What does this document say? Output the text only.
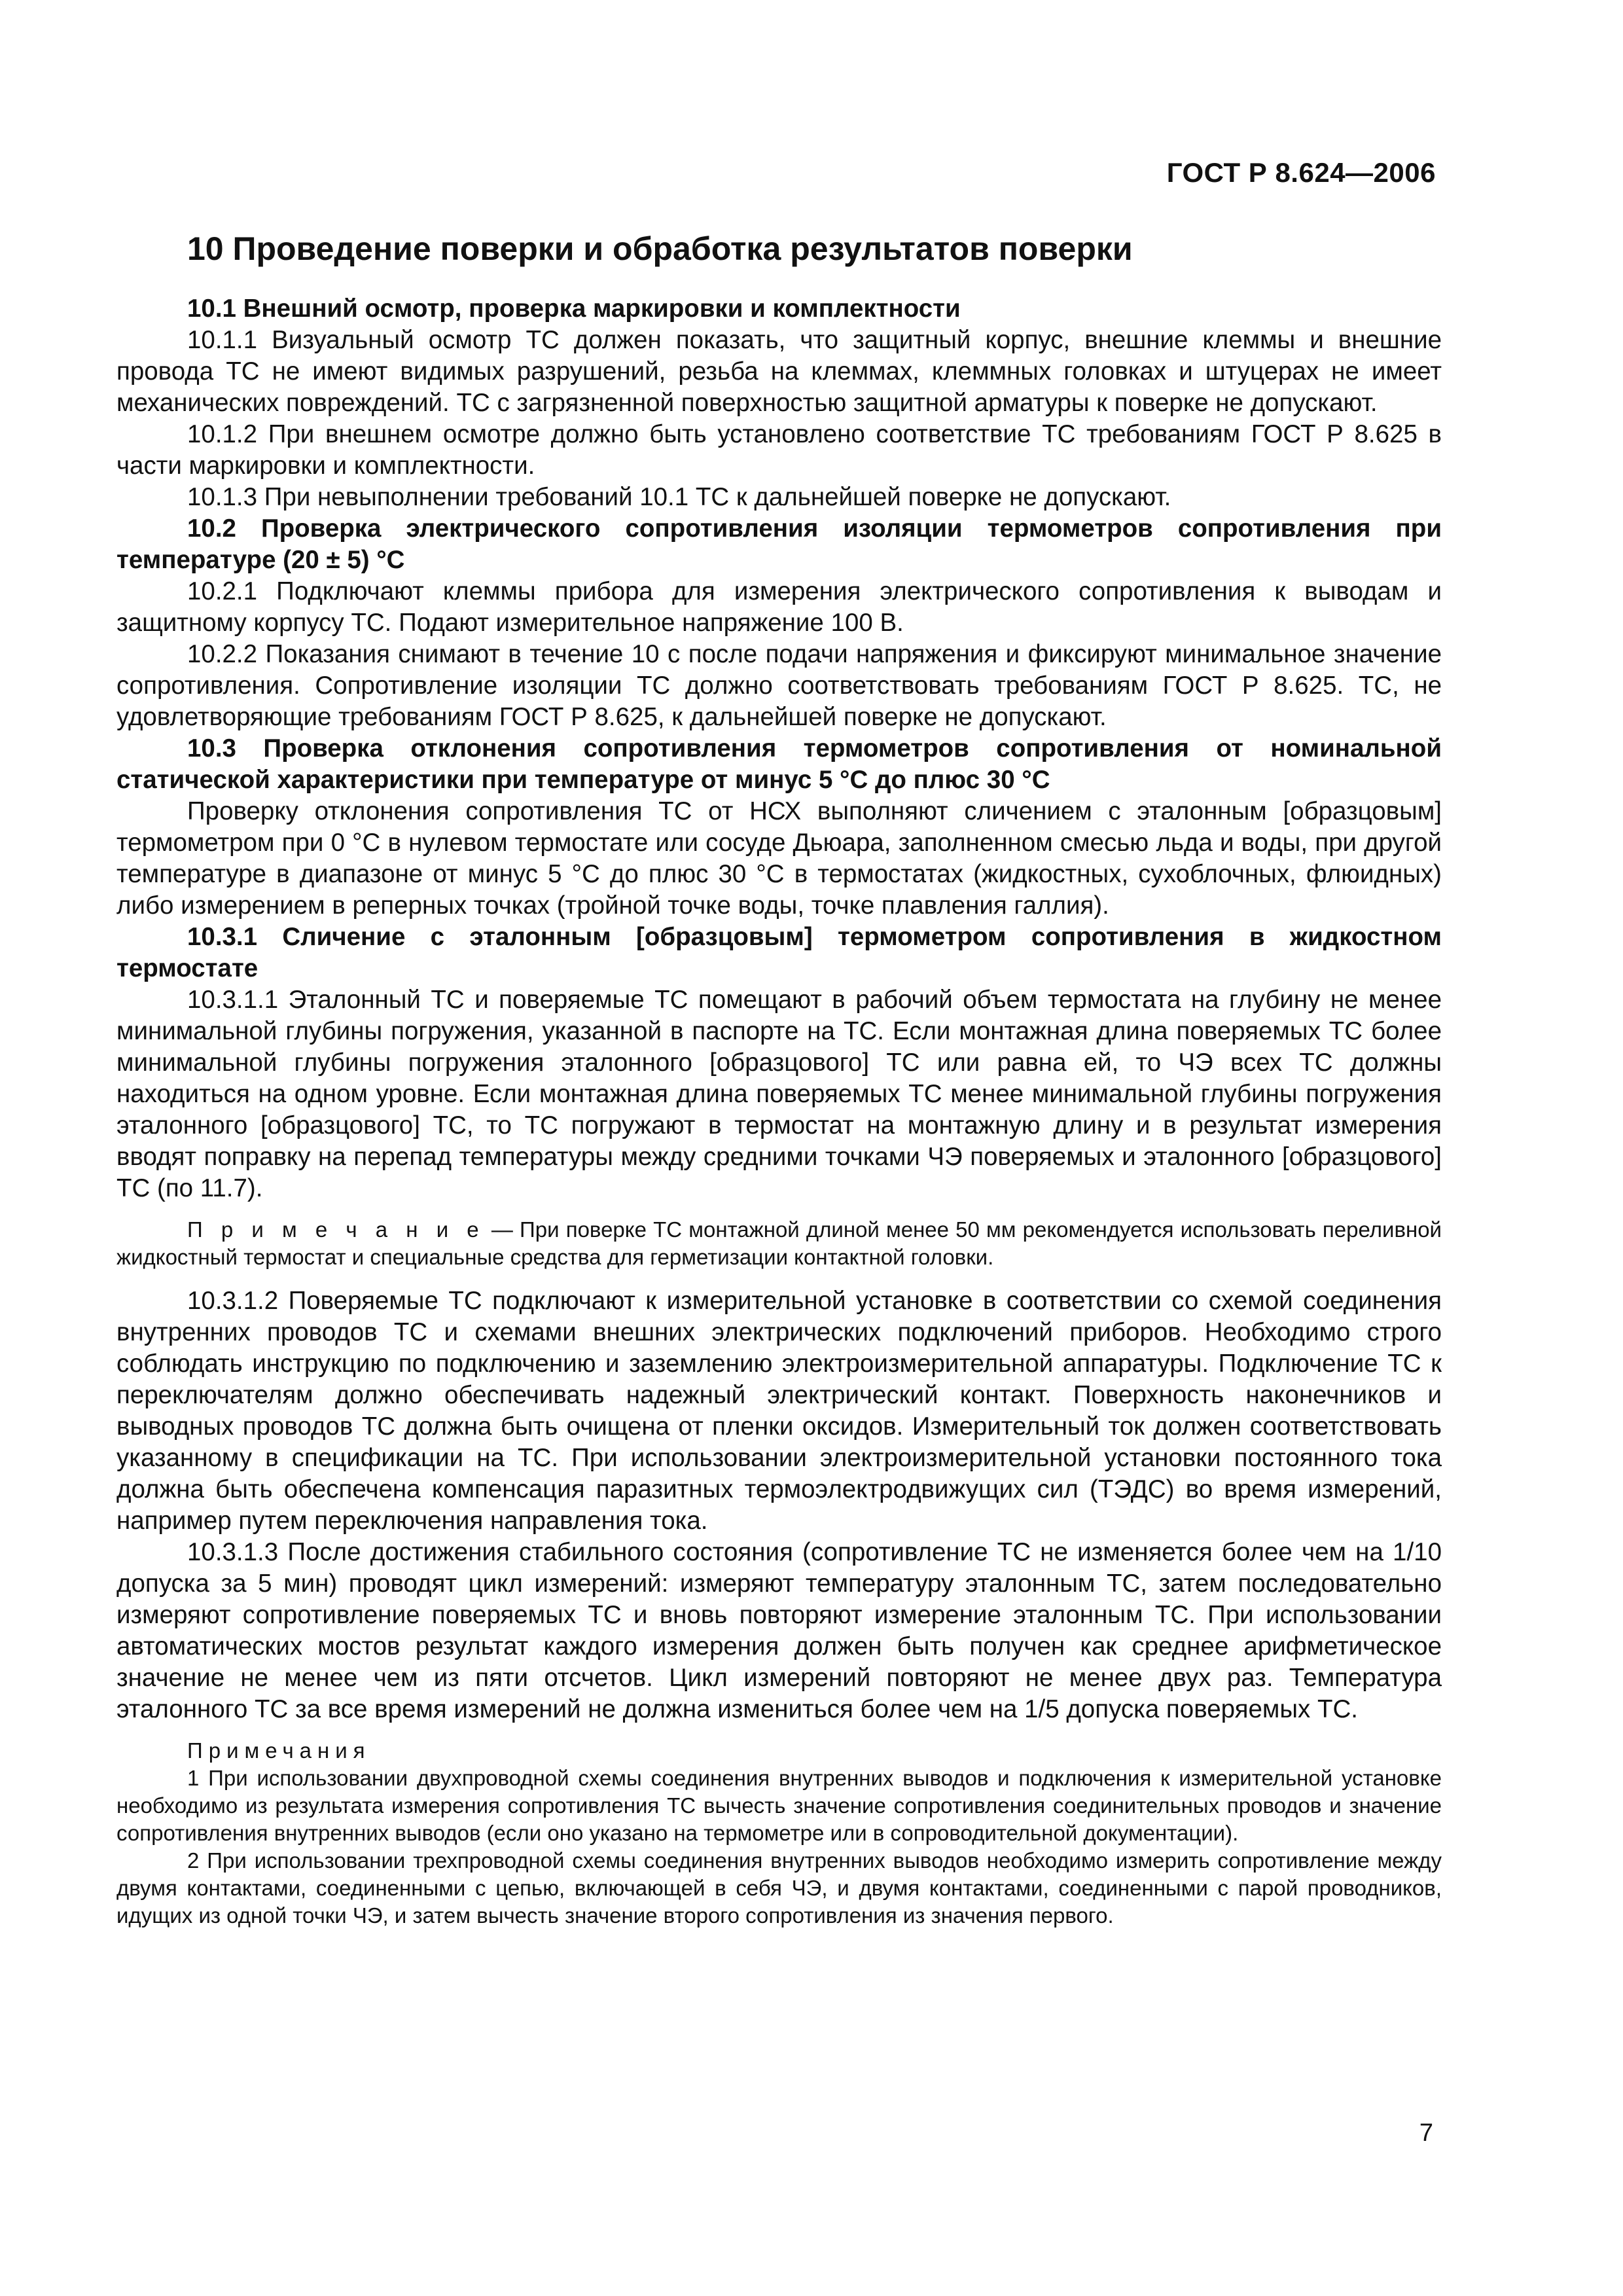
ГОСТ Р 8.624—2006
10 Проведение поверки и обработка результатов поверки

10.1 Внешний осмотр, проверка маркировки и комплектности

10.1.1 Визуальный осмотр ТС должен показать, что защитный корпус, внешние клеммы и внешние провода ТС не имеют видимых разрушений, резьба на клеммах, клеммных головках и штуцерах не имеет механических повреждений. ТС с загрязненной поверхностью защитной арматуры к поверке не допускают.

10.1.2 При внешнем осмотре должно быть установлено соответствие ТС требованиям ГОСТ Р 8.625 в части маркировки и комплектности.

10.1.3 При невыполнении требований 10.1 ТС к дальнейшей поверке не допускают.

10.2 Проверка электрического сопротивления изоляции термометров сопротивления при температуре (20 ± 5) °С

10.2.1 Подключают клеммы прибора для измерения электрического сопротивления к выводам и защитному корпусу ТС. Подают измерительное напряжение 100 В.

10.2.2 Показания снимают в течение 10 с после подачи напряжения и фиксируют минимальное значение сопротивления. Сопротивление изоляции ТС должно соответствовать требованиям ГОСТ Р 8.625. ТС, не удовлетворяющие требованиям ГОСТ Р 8.625, к дальнейшей поверке не допускают.

10.3 Проверка отклонения сопротивления термометров сопротивления от номинальной статической характеристики при температуре от минус 5 °С до плюс 30 °С

Проверку отклонения сопротивления ТС от НСХ выполняют сличением с эталонным [образцовым] термометром при 0 °С в нулевом термостате или сосуде Дьюара, заполненном смесью льда и воды, при другой температуре в диапазоне от минус 5 °С до плюс 30 °С в термостатах (жидкостных, сухоблочных, флюидных) либо измерением в реперных точках (тройной точке воды, точке плавления галлия).

10.3.1 Сличение с эталонным [образцовым] термометром сопротивления в жидкостном термостате

10.3.1.1 Эталонный ТС и поверяемые ТС помещают в рабочий объем термостата на глубину не менее минимальной глубины погружения, указанной в паспорте на ТС. Если монтажная длина поверяемых ТС более минимальной глубины погружения эталонного [образцового] ТС или равна ей, то ЧЭ всех ТС должны находиться на одном уровне. Если монтажная длина поверяемых ТС менее минимальной глубины погружения эталонного [образцового] ТС, то ТС погружают в термостат на монтажную длину и в результат измерения вводят поправку на перепад температуры между средними точками ЧЭ поверяемых и эталонного [образцового] ТС (по 11.7).

П р и м е ч а н и е — При поверке ТС монтажной длиной менее 50 мм рекомендуется использовать переливной жидкостный термостат и специальные средства для герметизации контактной головки.

10.3.1.2 Поверяемые ТС подключают к измерительной установке в соответствии со схемой соединения внутренних проводов ТС и схемами внешних электрических подключений приборов. Необходимо строго соблюдать инструкцию по подключению и заземлению электроизмерительной аппаратуры. Подключение ТС к переключателям должно обеспечивать надежный электрический контакт. Поверхность наконечников и выводных проводов ТС должна быть очищена от пленки оксидов. Измерительный ток должен соответствовать указанному в спецификации на ТС. При использовании электроизмерительной установки постоянного тока должна быть обеспечена компенсация паразитных термоэлектродвижущих сил (ТЭДС) во время измерений, например путем переключения направления тока.

10.3.1.3 После достижения стабильного состояния (сопротивление ТС не изменяется более чем на 1/10 допуска за 5 мин) проводят цикл измерений: измеряют температуру эталонным ТС, затем последовательно измеряют сопротивление поверяемых ТС и вновь повторяют измерение эталонным ТС. При использовании автоматических мостов результат каждого измерения должен быть получен как среднее арифметическое значение не менее чем из пяти отсчетов. Цикл измерений повторяют не менее двух раз. Температура эталонного ТС за все время измерений не должна измениться более чем на 1/5 допуска поверяемых ТС.

Примечания

1 При использовании двухпроводной схемы соединения внутренних выводов и подключения к измерительной установке необходимо из результата измерения сопротивления ТС вычесть значение сопротивления соединительных проводов и значение сопротивления внутренних выводов (если оно указано на термометре или в сопроводительной документации).

2 При использовании трехпроводной схемы соединения внутренних выводов необходимо измерить сопротивление между двумя контактами, соединенными с цепью, включающей в себя ЧЭ, и двумя контактами, соединенными с парой проводников, идущих из одной точки ЧЭ, и затем вычесть значение второго сопротивления из значения первого.

7
